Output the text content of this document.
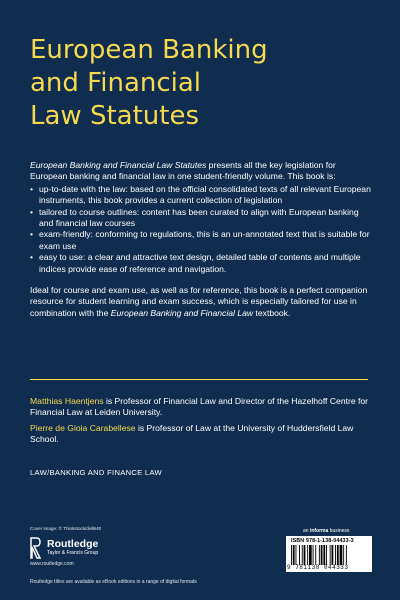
European Banking
and Financial
Law Statutes

European Banking and Financial Law Statutes presents all the key legislation for European banking and financial law in one student-friendly volume. This book is:

• up-to-date with the law: based on the official consolidated texts of all relevant European instruments, this book provides a current collection of legislation
• tailored to course outlines: content has been curated to align with European banking and financial law courses
• exam-friendly: conforming to regulations, this is an un-annotated text that is suitable for exam use
• easy to use: a clear and attractive text design, detailed table of contents and multiple indices provide ease of reference and navigation.

Ideal for course and exam use, as well as for reference, this book is a perfect companion resource for student learning and exam success, which is especially tailored for use in combination with the European Banking and Financial Law textbook.

Matthias Haentjens is Professor of Financial Law and Director of the Hazelhoff Centre for Financial Law at Leiden University.

Pierre de Gioia Carabellese is Professor of Law at the University of Huddersfield Law School.

LAW/BANKING AND FINANCE LAW
Cover image: © Thinkstock/dell640
Routledge
Taylor & Francis Group
www.routledge.com
Routledge titles are available as eBook editions in a range of digital formats
an informa business
ISBN 978-1-138-04433-3
9 781138 044333
